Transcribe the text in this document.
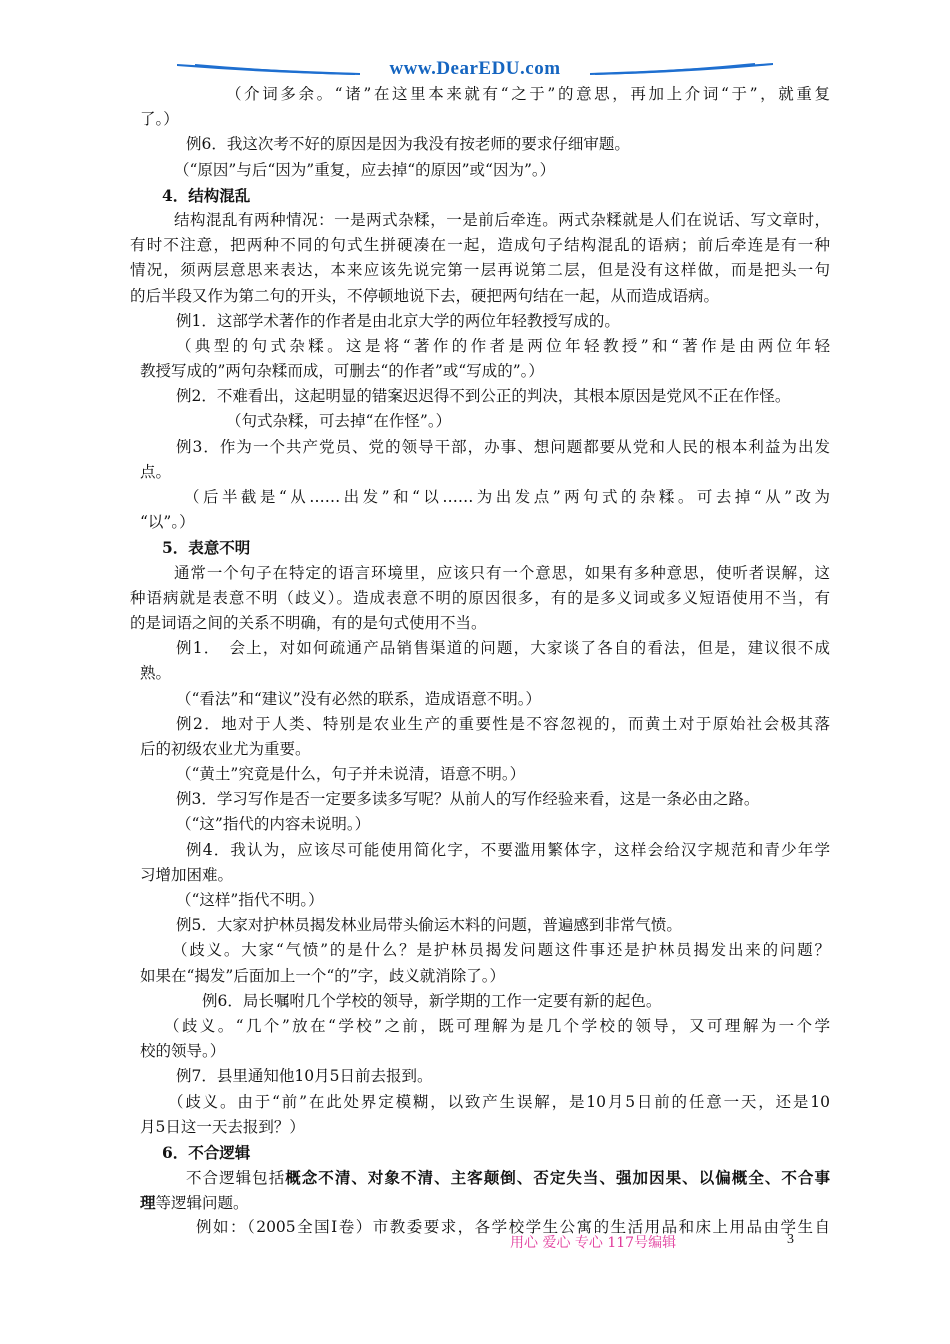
www.DearEDU.com
（介词多余。“诸”在这里本来就有“之于”的意思，再加上介词“于”，就重复
了。）
例6．我这次考不好的原因是因为我没有按老师的要求仔细审题。
（“原因”与后“因为”重复，应去掉“的原因”或“因为”。）
4．结构混乱
结构混乱有两种情况：一是两式杂糅，一是前后牵连。两式杂糅就是人们在说话、写文章时，
有时不注意，把两种不同的句式生拼硬凑在一起，造成句子结构混乱的语病；前后牵连是有一种
情况，须两层意思来表达，本来应该先说完第一层再说第二层，但是没有这样做，而是把头一句
的后半段又作为第二句的开头，不停顿地说下去，硬把两句结在一起，从而造成语病。
例1．这部学术著作的作者是由北京大学的两位年轻教授写成的。
（典型的句式杂糅。这是将“著作的作者是两位年轻教授”和“著作是由两位年轻
教授写成的”两句杂糅而成，可删去“的作者”或“写成的”。）
例2．不难看出，这起明显的错案迟迟得不到公正的判决，其根本原因是党风不正在作怪。
（句式杂糅，可去掉“在作怪”。）
例3．作为一个共产党员、党的领导干部，办事、想问题都要从党和人民的根本利益为出发
点。
（后半截是“从……出发”和“以……为出发点”两句式的杂糅。可去掉“从”改为
“以”。）
5．表意不明
通常一个句子在特定的语言环境里，应该只有一个意思，如果有多种意思，使听者误解，这
种语病就是表意不明（歧义）。造成表意不明的原因很多，有的是多义词或多义短语使用不当，有
的是词语之间的关系不明确，有的是句式使用不当。
例1．　会上，对如何疏通产品销售渠道的问题，大家谈了各自的看法，但是，建议很不成
熟。
（“看法”和“建议”没有必然的联系，造成语意不明。）
例2．地对于人类、特别是农业生产的重要性是不容忽视的，而黄土对于原始社会极其落
后的初级农业尤为重要。
（“黄土”究竟是什么，句子并未说清，语意不明。）
例3．学习写作是否一定要多读多写呢？从前人的写作经验来看，这是一条必由之路。
（“这”指代的内容未说明。）
例4．我认为，应该尽可能使用简化字，不要滥用繁体字，这样会给汉字规范和青少年学
习增加困难。
（“这样”指代不明。）
例5．大家对护林员揭发林业局带头偷运木料的问题，普遍感到非常气愤。
（歧义。大家“气愤”的是什么？是护林员揭发问题这件事还是护林员揭发出来的问题？
如果在“揭发”后面加上一个“的”字，歧义就消除了。）
例6．局长嘱咐几个学校的领导，新学期的工作一定要有新的起色。
（歧义。“几个”放在“学校”之前，既可理解为是几个学校的领导，又可理解为一个学
校的领导。）
例7．县里通知他10月5日前去报到。
（歧义。由于“前”在此处界定模糊，以致产生误解，是10月5日前的任意一天，还是10
月5日这一天去报到？）
6．不合逻辑
不合逻辑包括概念不清、对象不清、主客颠倒、否定失当、强加因果、以偏概全、不合事
理等逻辑问题。
例如：（2005全国Ⅰ卷）市教委要求，各学校学生公寓的生活用品和床上用品由学生自
用心 爱心 专心 117号编辑	3
